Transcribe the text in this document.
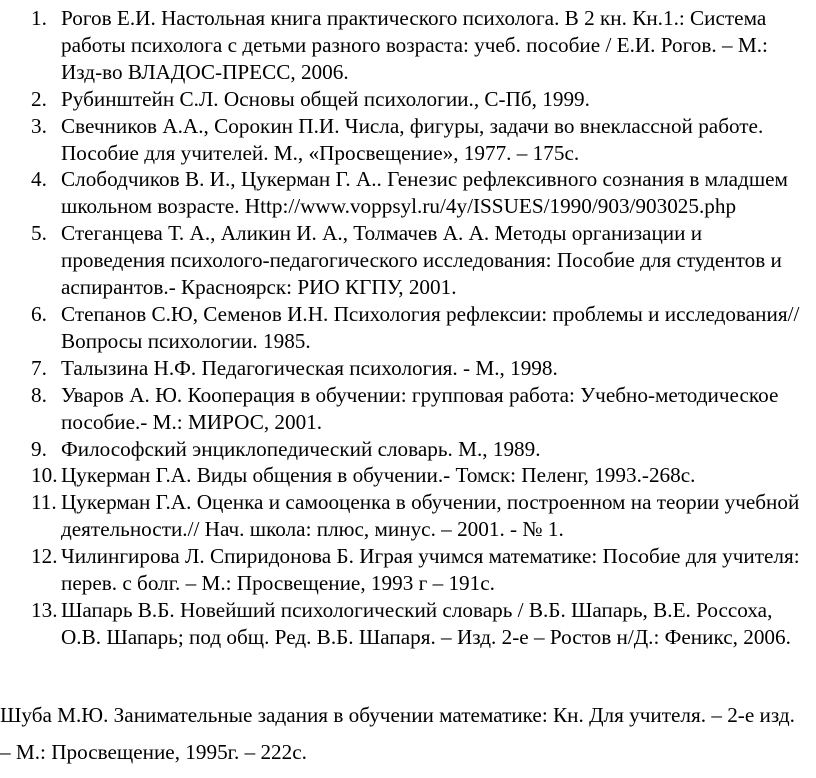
1. Рогов Е.И. Настольная книга практического психолога. В 2 кн. Кн.1.: Система работы психолога с детьми разного возраста: учеб. пособие / Е.И. Рогов. – М.: Изд-во ВЛАДОС-ПРЕСС, 2006.
2. Рубинштейн С.Л. Основы общей психологии., С-Пб, 1999.
3. Свечников А.А., Сорокин П.И. Числа, фигуры, задачи во внеклассной работе. Пособие для учителей. М., «Просвещение», 1977. – 175с.
4. Слободчиков В. И., Цукерман Г. А.. Генезис рефлексивного сознания в младшем школьном возрасте. Http://www.voppsyl.ru/4y/ISSUES/1990/903/903025.php
5. Стеганцева Т. А., Аликин И. А., Толмачев А. А. Методы организации и проведения психолого-педагогического исследования: Пособие для студентов и аспирантов.- Красноярск: РИО КГПУ, 2001.
6. Степанов С.Ю, Семенов И.Н. Психология рефлексии: проблемы и исследования// Вопросы психологии. 1985.
7. Талызина Н.Ф. Педагогическая психология. - М., 1998.
8. Уваров А. Ю. Кооперация в обучении: групповая работа: Учебно-методическое пособие.- М.: МИРОС, 2001.
9. Философский энциклопедический словарь. М., 1989.
10. Цукерман Г.А. Виды общения в обучении.- Томск: Пеленг, 1993.-268с.
11. Цукерман Г.А. Оценка и самооценка в обучении, построенном на теории учебной деятельности.// Нач. школа: плюс, минус. – 2001. - № 1.
12. Чилингирова Л. Спиридонова Б. Играя учимся математике: Пособие для учителя: перев. с болг. – М.: Просвещение, 1993 г – 191с.
13. Шапарь В.Б. Новейший психологический словарь / В.Б. Шапарь, В.Е. Россоха, О.В. Шапарь; под общ. Ред. В.Б. Шапаря. – Изд. 2-е – Ростов н/Д.: Феникс, 2006.

Шуба М.Ю. Занимательные задания в обучении математике: Кн. Для учителя. – 2-е изд. – М.: Просвещение, 1995г. – 222с.
